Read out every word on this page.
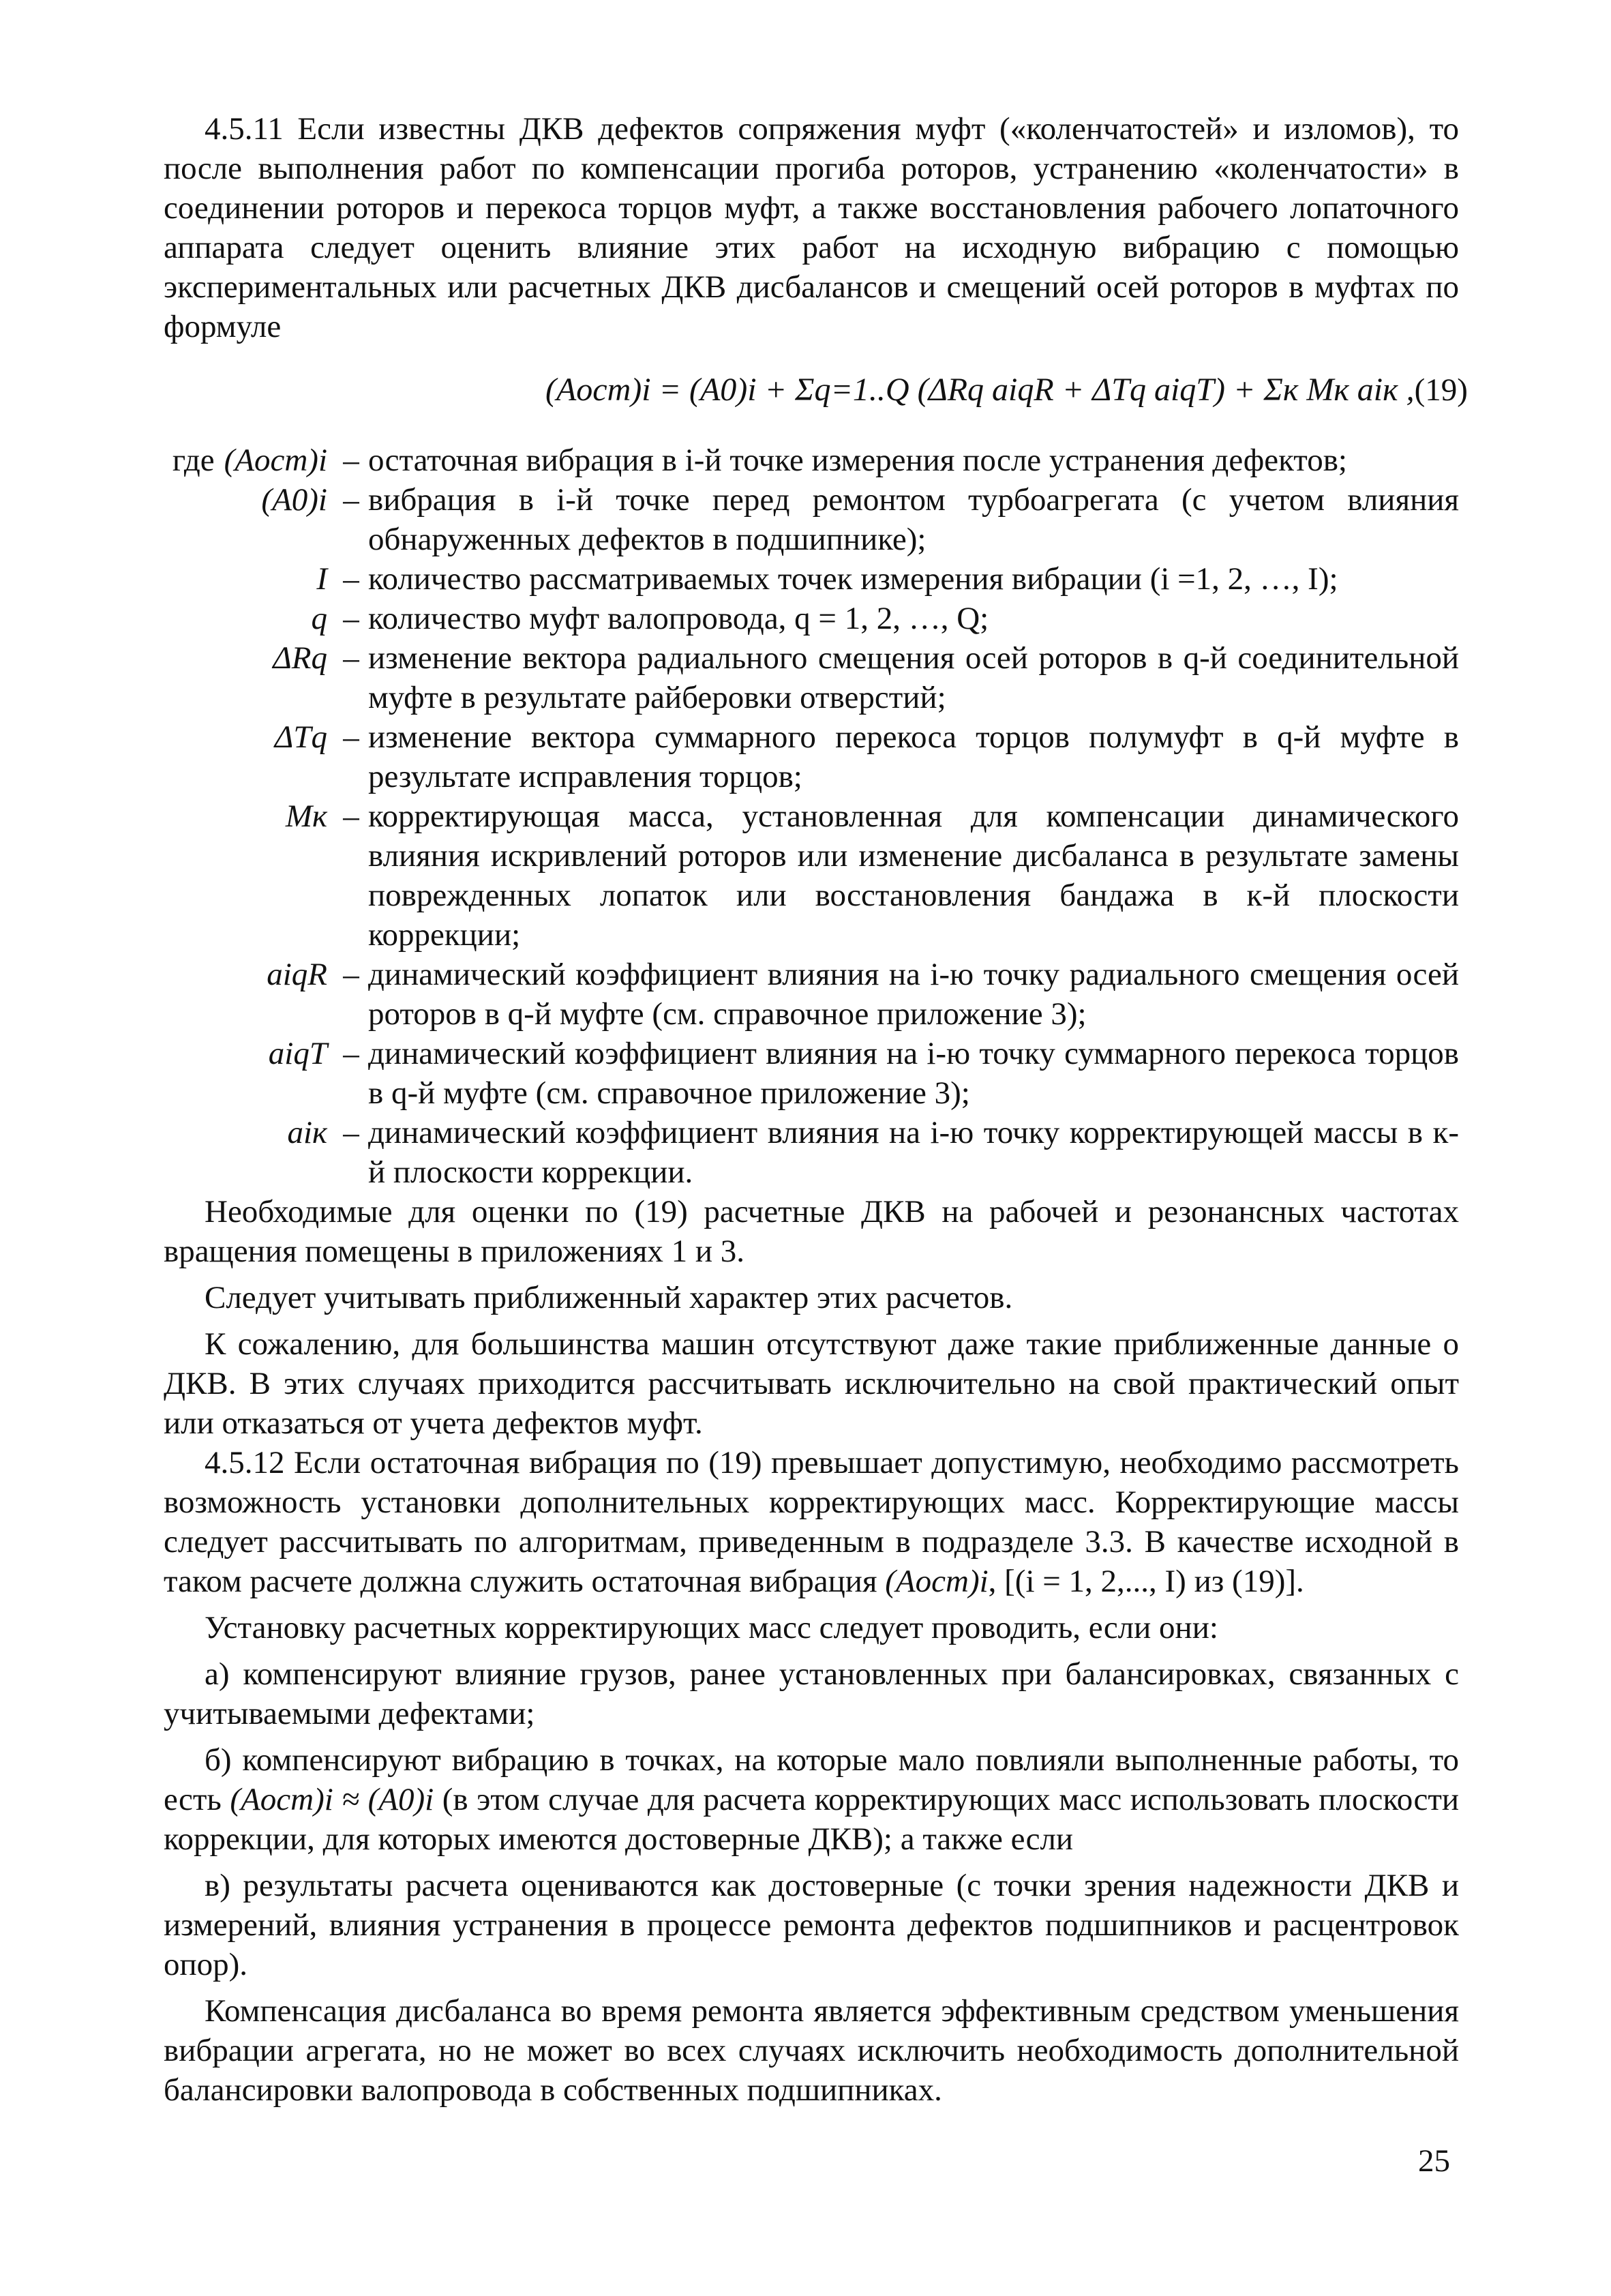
4.5.11 Если известны ДКВ дефектов сопряжения муфт («коленчатостей» и изломов), то после выполнения работ по компенсации прогиба роторов, устранению «коленчатости» в соединении роторов и перекоса торцов муфт, а также восстановления рабочего лопаточного аппарата следует оценить влияние этих работ на исходную вибрацию с помощью экспериментальных или расчетных ДКВ дисбалансов и смещений осей роторов в муфтах по формуле

(Aост)i = (A0)i + Σq=1..Q (ΔRq aiqR + ΔTq aiqT) + Σк Mк aiк , (19)
где (Aост)i – остаточная вибрация в i-й точке измерения после устранения дефектов;
(A0)i – вибрация в i-й точке перед ремонтом турбоагрегата (с учетом влияния обнаруженных дефектов в подшипнике);
I – количество рассматриваемых точек измерения вибрации (i =1, 2, …, I);
q – количество муфт валопровода, q = 1, 2, …, Q;
ΔRq – изменение вектора радиального смещения осей роторов в q-й соединительной муфте в результате райберовки отверстий;
ΔTq – изменение вектора суммарного перекоса торцов полумуфт в q-й муфте в результате исправления торцов;
Mк – корректирующая масса, установленная для компенсации динамического влияния искривлений роторов или изменение дисбаланса в результате замены поврежденных лопаток или восстановления бандажа в к-й плоскости коррекции;
aiqR – динамический коэффициент влияния на i-ю точку радиального смещения осей роторов в q-й муфте (см. справочное приложение 3);
aiqT – динамический коэффициент влияния на i-ю точку суммарного перекоса торцов в q-й муфте (см. справочное приложение 3);
aiк – динамический коэффициент влияния на i-ю точку корректирующей массы в к-й плоскости коррекции.

Необходимые для оценки по (19) расчетные ДКВ на рабочей и резонансных частотах вращения помещены в приложениях 1 и 3.

Следует учитывать приближенный характер этих расчетов.

К сожалению, для большинства машин отсутствуют даже такие приближенные данные о ДКВ. В этих случаях приходится рассчитывать исключительно на свой практический опыт или отказаться от учета дефектов муфт.

4.5.12 Если остаточная вибрация по (19) превышает допустимую, необходимо рассмотреть возможность установки дополнительных корректирующих масс. Корректирующие массы следует рассчитывать по алгоритмам, приведенным в подразделе 3.3. В качестве исходной в таком расчете должна служить остаточная вибрация (Aост)i, [(i = 1, 2,..., I) из (19)].

Установку расчетных корректирующих масс следует проводить, если они:

а) компенсируют влияние грузов, ранее установленных при балансировках, связанных с учитываемыми дефектами;

б) компенсируют вибрацию в точках, на которые мало повлияли выполненные работы, то есть (Aост)i ≈ (A0)i (в этом случае для расчета корректирующих масс использовать плоскости коррекции, для которых имеются достоверные ДКВ); а также если

в) результаты расчета оцениваются как достоверные (с точки зрения надежности ДКВ и измерений, влияния устранения в процессе ремонта дефектов подшипников и расцентровок опор).

Компенсация дисбаланса во время ремонта является эффективным средством уменьшения вибрации агрегата, но не может во всех случаях исключить необходимость дополнительной балансировки валопровода в собственных подшипниках.

25
